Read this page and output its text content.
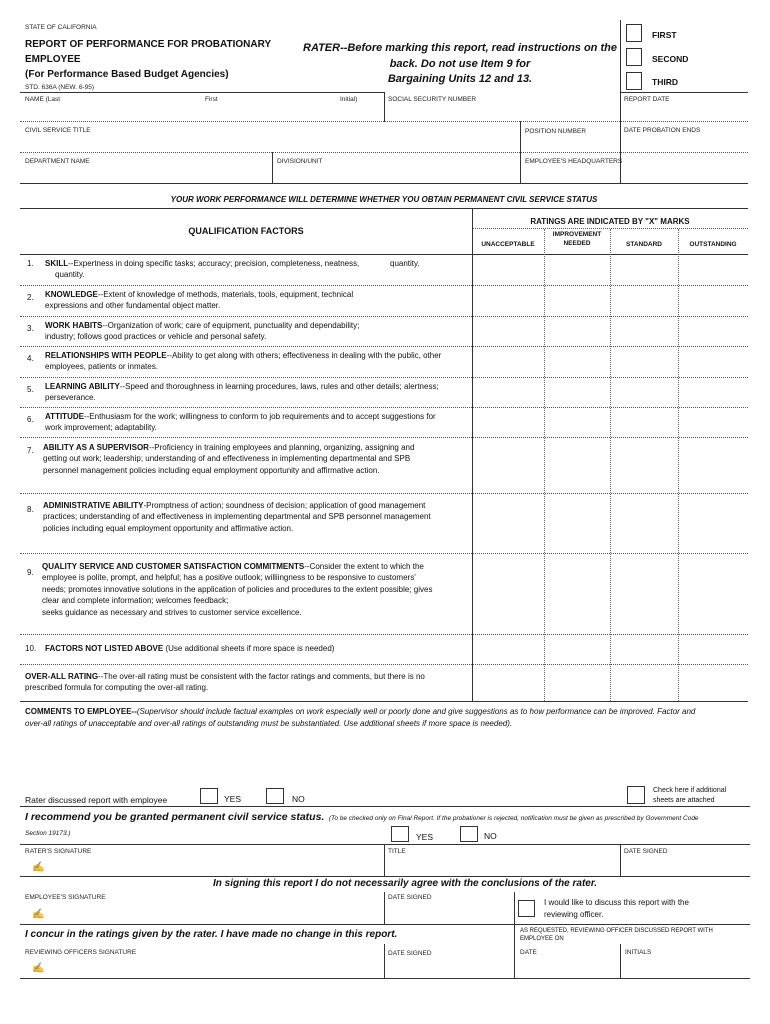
STATE OF CALIFORNIA
REPORT OF PERFORMANCE FOR PROBATIONARY
EMPLOYEE
(For Performance Based Budget Agencies)
STD. 636A (NEW. 6-95)
RATER--Before marking this report, read instructions on the
back. Do not use Item 9 for
Bargaining Units 12 and 13.
FIRST
SECOND
THIRD
NAME (Last	First	Initial)	SOCIAL SECURITY NUMBER	REPORT DATE
CIVIL SERVICE TITLE	POSITION NUMBER	DATE PROBATION ENDS
DEPARTMENT NAME	DIVISION/UNIT	EMPLOYEE'S HEADQUARTERS
YOUR WORK PERFORMANCE WILL DETERMINE WHETHER YOU OBTAIN PERMANENT CIVIL SERVICE STATUS
QUALIFICATION FACTORS
RATINGS ARE INDICATED BY "X" MARKS
UNACCEPTABLE
IMPROVEMENT NEEDED	STANDARD	OUTSTANDING
1. SKILL--Expertness in doing specific tasks; accuracy; precision, completeness, neatness,
quantity.
quantity.
2. KNOWLEDGE--Extent of knowledge of methods, materials, tools, equipment, technical
expressions and other fundamental object matter.
3. WORK HABITS--Organization of work; care of equipment, punctuality and dependability;
industry; follows good practices or vehicle and personal safety.
4. RELATIONSHIPS WITH PEOPLE--Ability to get along with others; effectiveness in dealing with the public, other
employees, patients or inmates.
5. LEARNING ABILITY--Speed and thoroughness in learning procedures, laws, rules and other details; alertness;
perseverance.
6. ATTITUDE--Enthusiasm for the work; willingness to conform to job requirements and to accept suggestions for
work improvement; adaptability.
7. ABILITY AS A SUPERVISOR--Proficiency in training employees and planning, organizing, assigning and
getting out work; leadership; understanding of and effectiveness in implementing departmental and SPB
personnel management policies including equal employment opportunity and affirmative action.
8. ADMINISTRATIVE ABILITY-Promptness of action; soundness of decision; application of good management
practices; understanding of and effectiveness in implementing departmental and SPB personnel management
policies including equal employment opportunity and affirmative action.
9.
QUALITY SERVICE AND CUSTOMER SATISFACTION COMMITMENTS--Consider the extent to which the
employee is polite, prompt, and helpful; has a positive outlook; williingness to be responsive to customers'
needs; promotes innovative solutions in the application of policies and procedures to the extent possible; gives
clear and complete information; welcomes feedback;
seeks guidance as necessary and strives to customer service excellence.
10. FACTORS NOT LISTED ABOVE (Use additional sheets if more space is needed)
OVER-ALL RATING--The over-all rating must be consistent with the factor ratings and comments, but there is no
prescribed formula for computing the over-all rating.
COMMENTS TO EMPLOYEE--(Supervisor should include factual examples on work especially well or poorly done and give suggestions as to how performance can be improved. Factor and
over-all ratings of unacceptable and over-all ratings of outstanding must be substantiated. Use additional sheets if more space is needed).
Rater discussed report with employee	YES	NO
Check here if additional
sheets are attached
I recommend you be granted permanent civil service status. (To be checked only on Final Report. If the probationer is rejected, notification must be given as prescribed by Government Code
Section 19173.)	YES	NO
RATER'S SIGNATURE
✍
TITLE	DATE SIGNED
In signing this report I do not necessarily agree with the conclusions of the rater.
EMPLOYEE'S SIGNATURE
✍
DATE SIGNED
I would like to discuss this report with the
reviewing officer.
I concur in the ratings given by the rater. I have made no change in this report.	AS REQUESTED, REVIEWING OFFICER DISCUSSED REPORT WITH
EMPLOYEE ON
REVIEWING OFFICERS SIGNATURE
✍
DATE SIGNED	DATE	INITIALS
